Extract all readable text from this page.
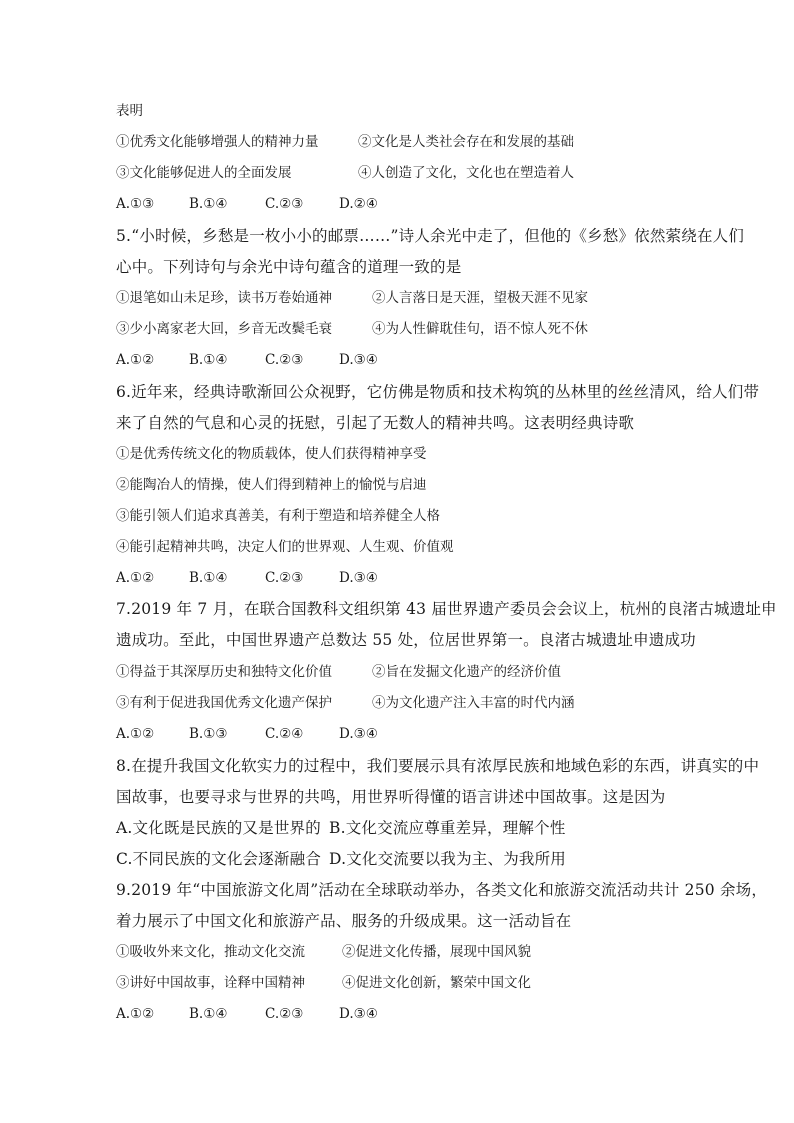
表明
①优秀文化能够增强人的精神力量	②文化是人类社会存在和发展的基础
③文化能够促进人的全面发展	④人创造了文化，文化也在塑造着人
A.①③	B.①④	C.②③	D.②④
5.“小时候，乡愁是一枚小小的邮票……”诗人余光中走了，但他的《乡愁》依然萦绕在人们
心中。下列诗句与余光中诗句蕴含的道理一致的是
①退笔如山未足珍，读书万卷始通神	②人言落日是天涯，望极天涯不见家
③少小离家老大回，乡音无改鬓毛衰	④为人性僻耽佳句，语不惊人死不休
A.①②	B.①④	C.②③	D.③④
6.近年来，经典诗歌渐回公众视野，它仿佛是物质和技术构筑的丛林里的丝丝清风，给人们带
来了自然的气息和心灵的抚慰，引起了无数人的精神共鸣。这表明经典诗歌
①是优秀传统文化的物质载体，使人们获得精神享受
②能陶冶人的情操，使人们得到精神上的愉悦与启迪
③能引领人们追求真善美，有利于塑造和培养健全人格
④能引起精神共鸣，决定人们的世界观、人生观、价值观
A.①②	B.①④	C.②③	D.③④
7.2019 年 7 月，在联合国教科文组织第 43 届世界遗产委员会会议上，杭州的良渚古城遗址申
遗成功。至此，中国世界遗产总数达 55 处，位居世界第一。良渚古城遗址申遗成功
①得益于其深厚历史和独特文化价值	②旨在发掘文化遗产的经济价值
③有利于促进我国优秀文化遗产保护	④为文化遗产注入丰富的时代内涵
A.①②	B.①③	C.②④	D.③④
8.在提升我国文化软实力的过程中，我们要展示具有浓厚民族和地域色彩的东西，讲真实的中
国故事，也要寻求与世界的共鸣，用世界听得懂的语言讲述中国故事。这是因为
A.文化既是民族的又是世界的 B.文化交流应尊重差异，理解个性
C.不同民族的文化会逐渐融合 D.文化交流要以我为主、为我所用
9.2019 年“中国旅游文化周”活动在全球联动举办，各类文化和旅游交流活动共计 250 余场，
着力展示了中国文化和旅游产品、服务的升级成果。这一活动旨在
①吸收外来文化，推动文化交流	②促进文化传播，展现中国风貌
③讲好中国故事，诠释中国精神	④促进文化创新，繁荣中国文化
A.①②	B.①④	C.②③	D.③④
